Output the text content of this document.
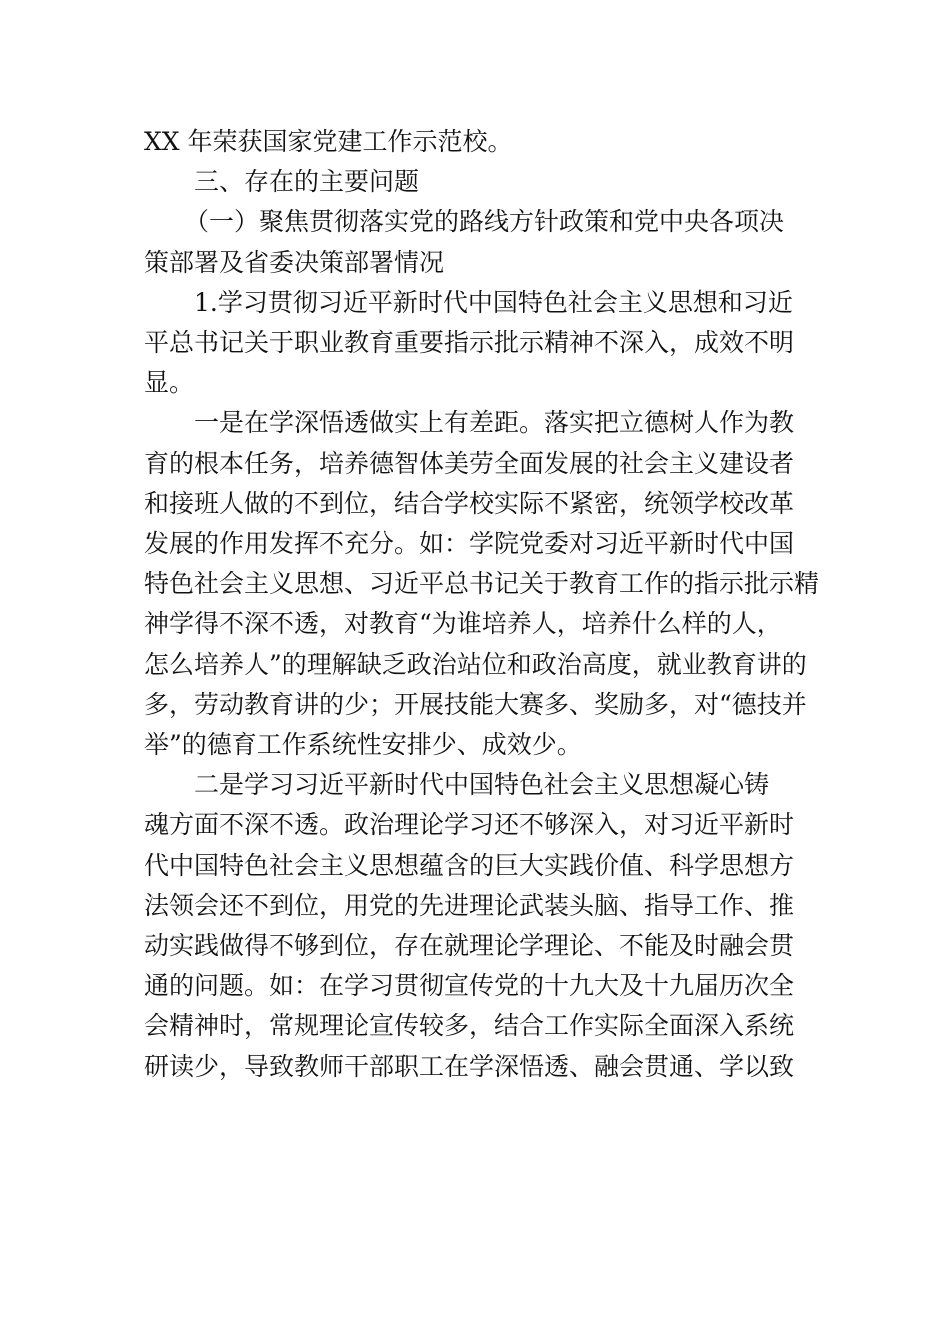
XX 年荣获国家党建工作示范校。

三、存在的主要问题

（一）聚焦贯彻落实党的路线方针政策和党中央各项决
策部署及省委决策部署情况

1.学习贯彻习近平新时代中国特色社会主义思想和习近
平总书记关于职业教育重要指示批示精神不深入，成效不明
显。

一是在学深悟透做实上有差距。落实把立德树人作为教
育的根本任务，培养德智体美劳全面发展的社会主义建设者
和接班人做的不到位，结合学校实际不紧密，统领学校改革
发展的作用发挥不充分。如：学院党委对习近平新时代中国
特色社会主义思想、习近平总书记关于教育工作的指示批示精
神学得不深不透，对教育“为谁培养人，培养什么样的人，
怎么培养人”的理解缺乏政治站位和政治高度，就业教育讲的
多，劳动教育讲的少；开展技能大赛多、奖励多，对“德技并
举”的德育工作系统性安排少、成效少。

二是学习习近平新时代中国特色社会主义思想凝心铸
魂方面不深不透。政治理论学习还不够深入，对习近平新时
代中国特色社会主义思想蕴含的巨大实践价值、科学思想方
法领会还不到位，用党的先进理论武装头脑、指导工作、推
动实践做得不够到位，存在就理论学理论、不能及时融会贯
通的问题。如：在学习贯彻宣传党的十九大及十九届历次全
会精神时，常规理论宣传较多，结合工作实际全面深入系统
研读少，导致教师干部职工在学深悟透、融会贯通、学以致
